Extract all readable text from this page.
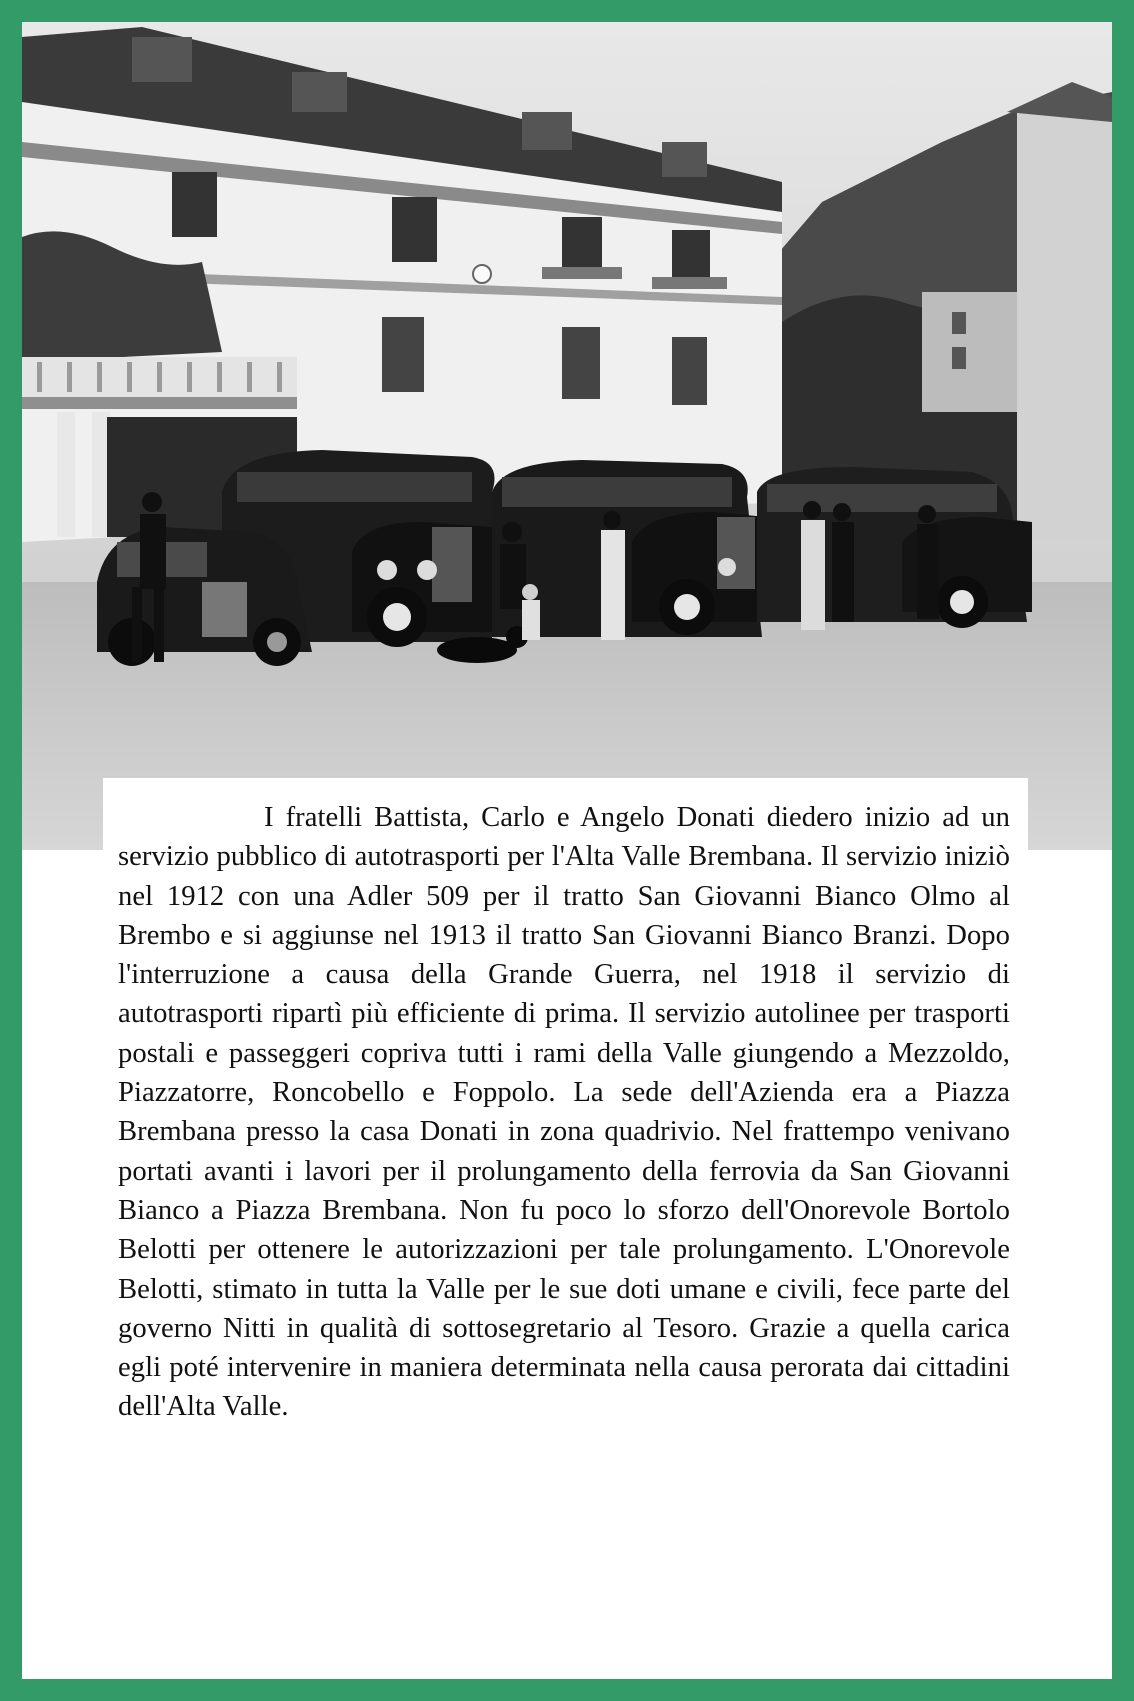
I fratelli Battista, Carlo e Angelo Donati diedero inizio ad un servizio pubblico di autotrasporti per l'Alta Valle Brembana. Il servizio iniziò nel 1912 con una Adler 509 per il tratto San Giovanni Bianco Olmo al Brembo e si aggiunse nel 1913 il tratto San Giovanni Bianco Branzi. Dopo l'interruzione a causa della Grande Guerra, nel 1918 il servizio di autotrasporti ripartì più efficiente di prima. Il servizio autolinee per trasporti postali e passeggeri copriva tutti i rami della Valle giungendo a Mezzoldo, Piazzatorre, Roncobello e Foppolo. La sede dell'Azienda era a Piazza Brembana presso la casa Donati in zona quadrivio. Nel frattempo venivano portati avanti i lavori per il prolungamento della ferrovia da San Giovanni Bianco a Piazza Brembana. Non fu poco lo sforzo dell'Onorevole Bortolo Belotti per ottenere le autorizzazioni per tale prolungamento. L'Onorevole Belotti, stimato in tutta la Valle per le sue doti umane e civili, fece parte del governo Nitti in qualità di sottosegretario al Tesoro. Grazie a quella carica egli poté intervenire in maniera determinata nella causa perorata dai cittadini dell'Alta Valle.
